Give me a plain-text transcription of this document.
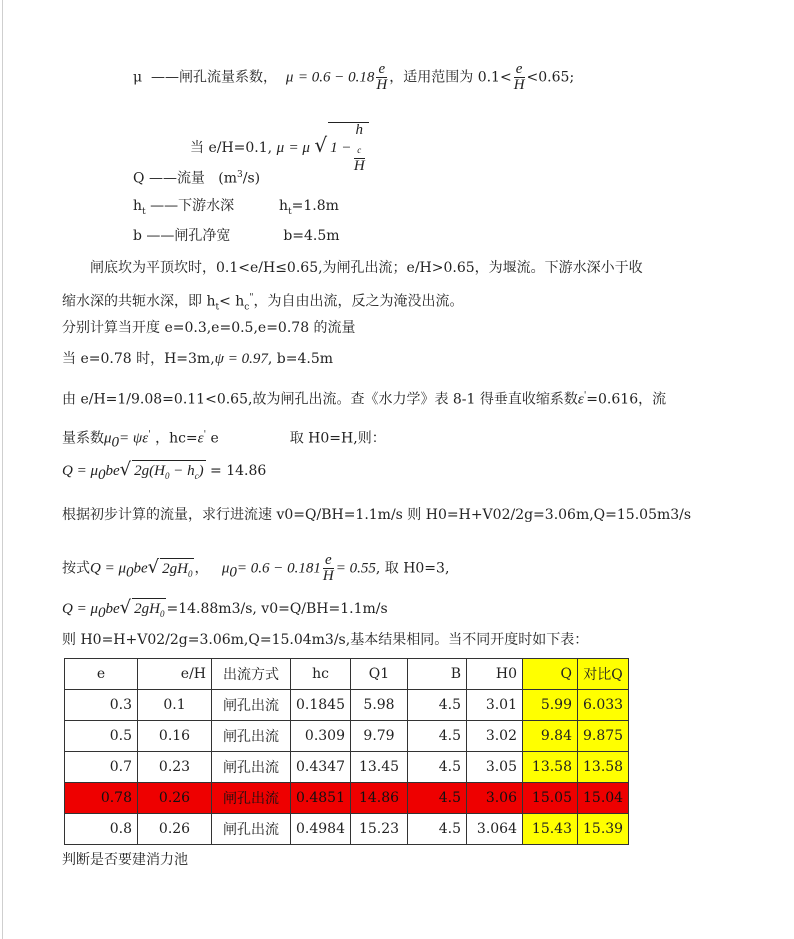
μ ——闸孔流量系数， $\mu = 0.6 - 0.18 \frac{e}{H}$ ，适用范围为 $0.1< \frac{e}{H} <0.65$;
当 e/H=0.1, μ = μ √ 1 − h
$_c$
H
Q ——流量 $(m^3/s)$
$h_t$ ——下游水深	$h_t=1.8m$
b ——闸孔净宽	b=4.5m
闸底坎为平顶坎时，0.1<e/H≤0.65,为闸孔出流；e/H>0.65，为堰流。下游水深小于收
缩水深的共轭水深，即 $h_t< h_c^"$，为自由出流，反之为淹没出流。
分别计算当开度 e=0.3,e=0.5,e=0.78 的流量
当 e=0.78 时，H=3m,ψ = 0.97, b=4.5m
由 e/H=1/9.08=0.11<0.65,故为闸孔出流。查《水力学》表 8-1 得垂直收缩系数ε'=0.616，流
量系数$\mu_0= \psi\varepsilon'$ ，hc=ε' e	取 H0=H,则：
$Q = \mu_0be√$ $2g(H_0 - h_c) = 14.86$
根据初步计算的流量，求行进流速 v0=Q/BH=1.1m/s 则 H0=H+V02/2g=3.06m,Q=15.05m3/s
按式$Q = \mu_0be√$ $2gH_0$ ， $\mu_0= 0.6 - 0.181 \frac{e}{H} = 0.55$, 取 H0=3,
$Q = \mu_0be√$ $2gH_0 =14.88m3/s$, v0=Q/BH=1.1m/s
则 H0=H+V02/2g=3.06m,Q=15.04m3/s,基本结果相同。当不同开度时如下表：
e	e/H	出流方式	hc	Q1	B	H0	Q	对比Q
0.3	0.1	闸孔出流	0.1845	5.98	4.5	3.01	5.99	6.033
0.5	0.16	闸孔出流	0.309	9.79	4.5	3.02	9.84	9.875
0.7	0.23	闸孔出流	0.4347	13.45	4.5	3.05	13.58	13.58
0.78	0.26	闸孔出流	0.4851	14.86	4.5	3.06	15.05	15.04
0.8	0.26	闸孔出流	0.4984	15.23	4.5	3.064	15.43	15.39
判断是否要建消力池
